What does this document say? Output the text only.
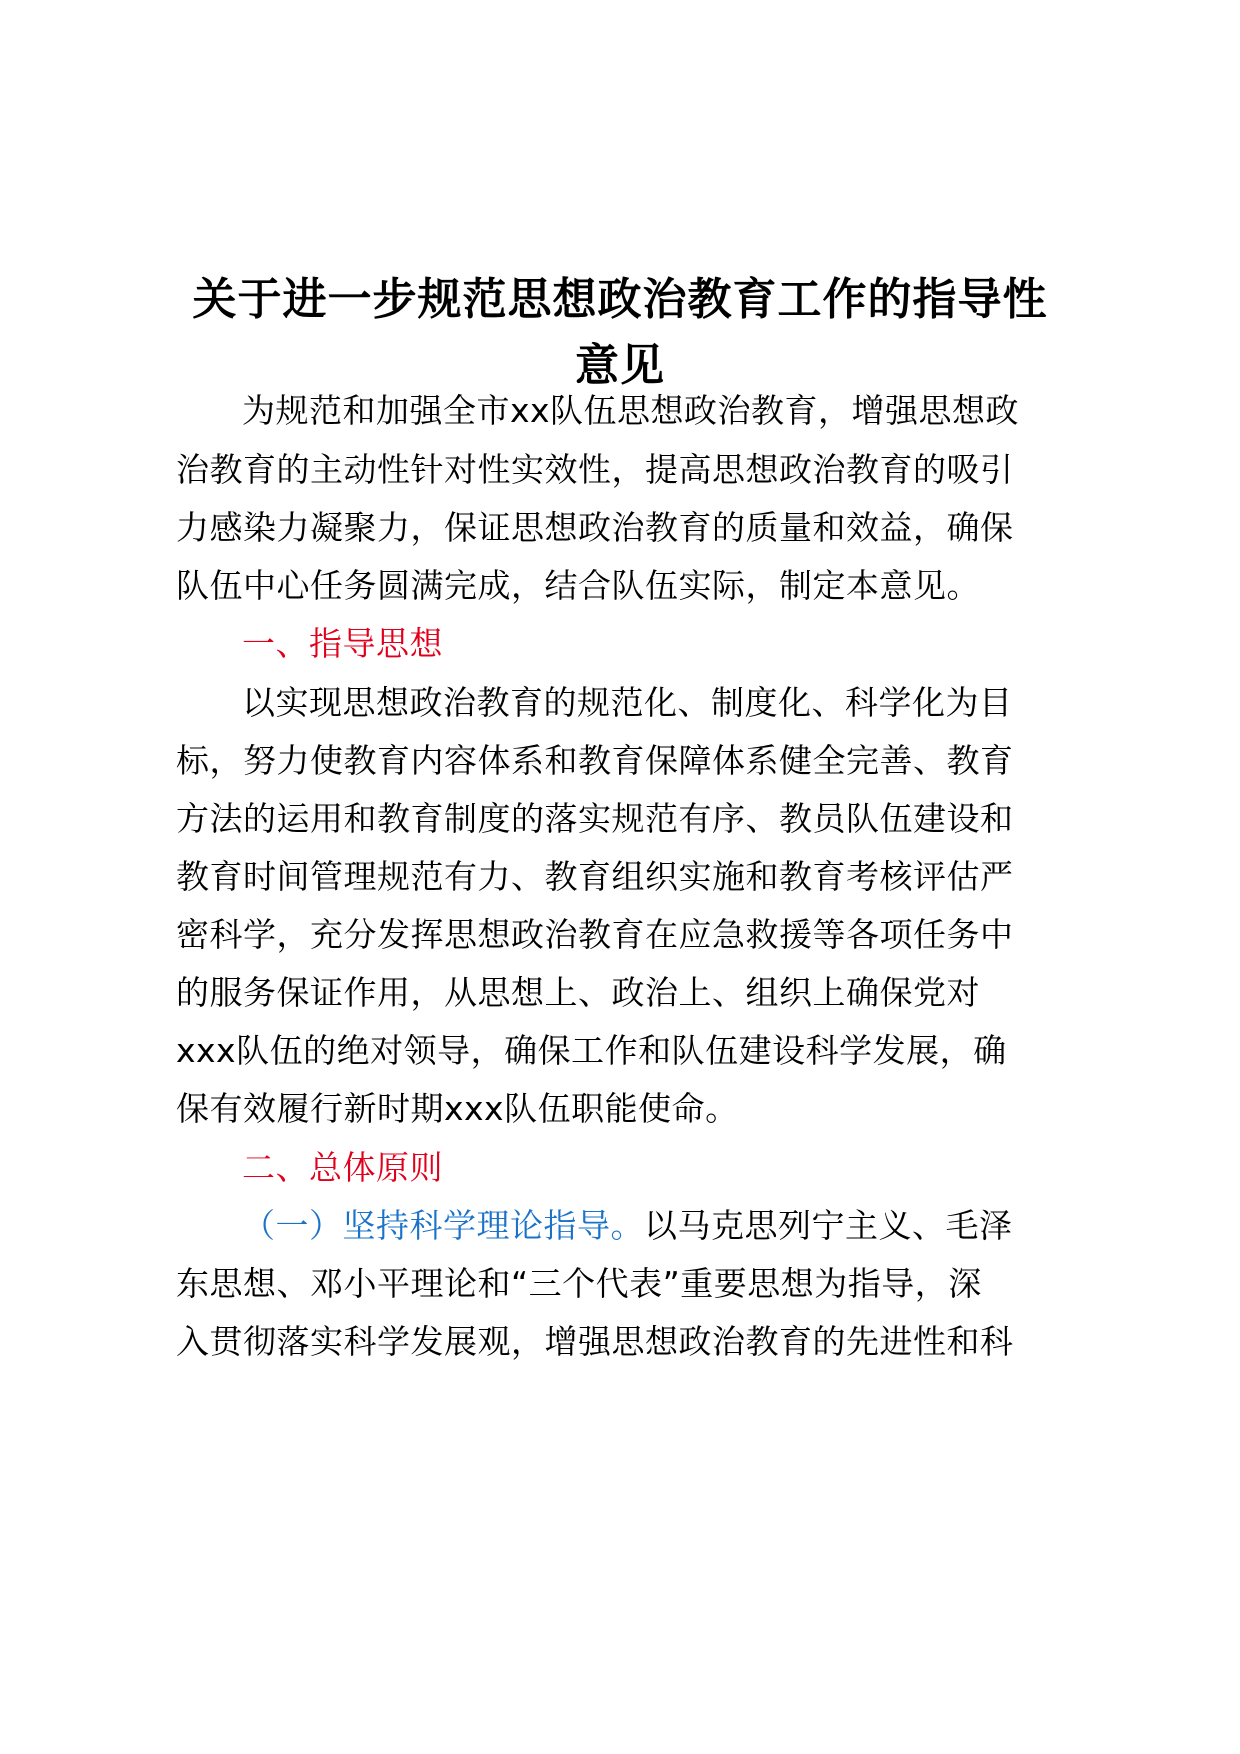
关于进一步规范思想政治教育工作的指导性
意见
为规范和加强全市xx队伍思想政治教育，增强思想政
治教育的主动性针对性实效性，提高思想政治教育的吸引
力感染力凝聚力，保证思想政治教育的质量和效益，确保
队伍中心任务圆满完成，结合队伍实际，制定本意见。
一、指导思想
以实现思想政治教育的规范化、制度化、科学化为目
标，努力使教育内容体系和教育保障体系健全完善、教育
方法的运用和教育制度的落实规范有序、教员队伍建设和
教育时间管理规范有力、教育组织实施和教育考核评估严
密科学，充分发挥思想政治教育在应急救援等各项任务中
的服务保证作用，从思想上、政治上、组织上确保党对
xxx队伍的绝对领导，确保工作和队伍建设科学发展，确
保有效履行新时期xxx队伍职能使命。
二、总体原则
（一）坚持科学理论指导。以马克思列宁主义、毛泽
东思想、邓小平理论和“三个代表”重要思想为指导，深
入贯彻落实科学发展观，增强思想政治教育的先进性和科
